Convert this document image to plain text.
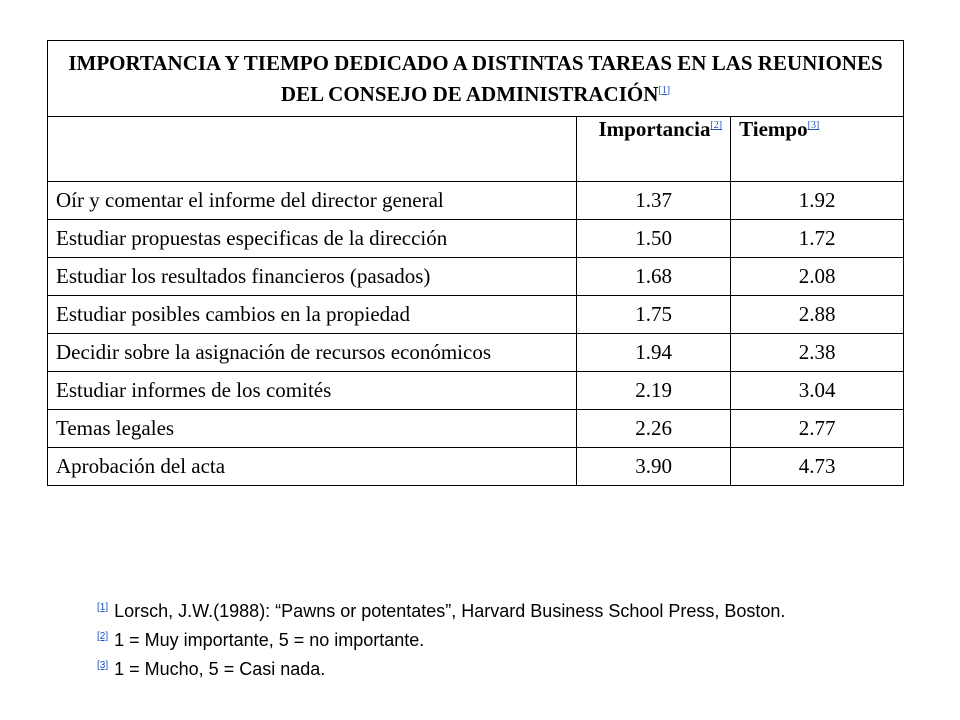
IMPORTANCIA Y TIEMPO DEDICADO A DISTINTAS TAREAS EN LAS REUNIONES DEL CONSEJO DE ADMINISTRACIÓN[1]
	Importancia[2]	Tiempo[3]
Oír y comentar el informe del director general	1.37	1.92
Estudiar propuestas especificas de la dirección	1.50	1.72
Estudiar los resultados financieros (pasados)	1.68	2.08
Estudiar posibles cambios en la propiedad	1.75	2.88
Decidir sobre la asignación de recursos económicos	1.94	2.38
Estudiar informes de los comités	2.19	3.04
Temas legales	2.26	2.77
Aprobación del acta	3.90	4.73
[1] Lorsch, J.W.(1988): “Pawns or potentates”, Harvard Business School Press, Boston.
[2] 1 = Muy importante, 5 = no importante.
[3] 1 = Mucho, 5 = Casi nada.
